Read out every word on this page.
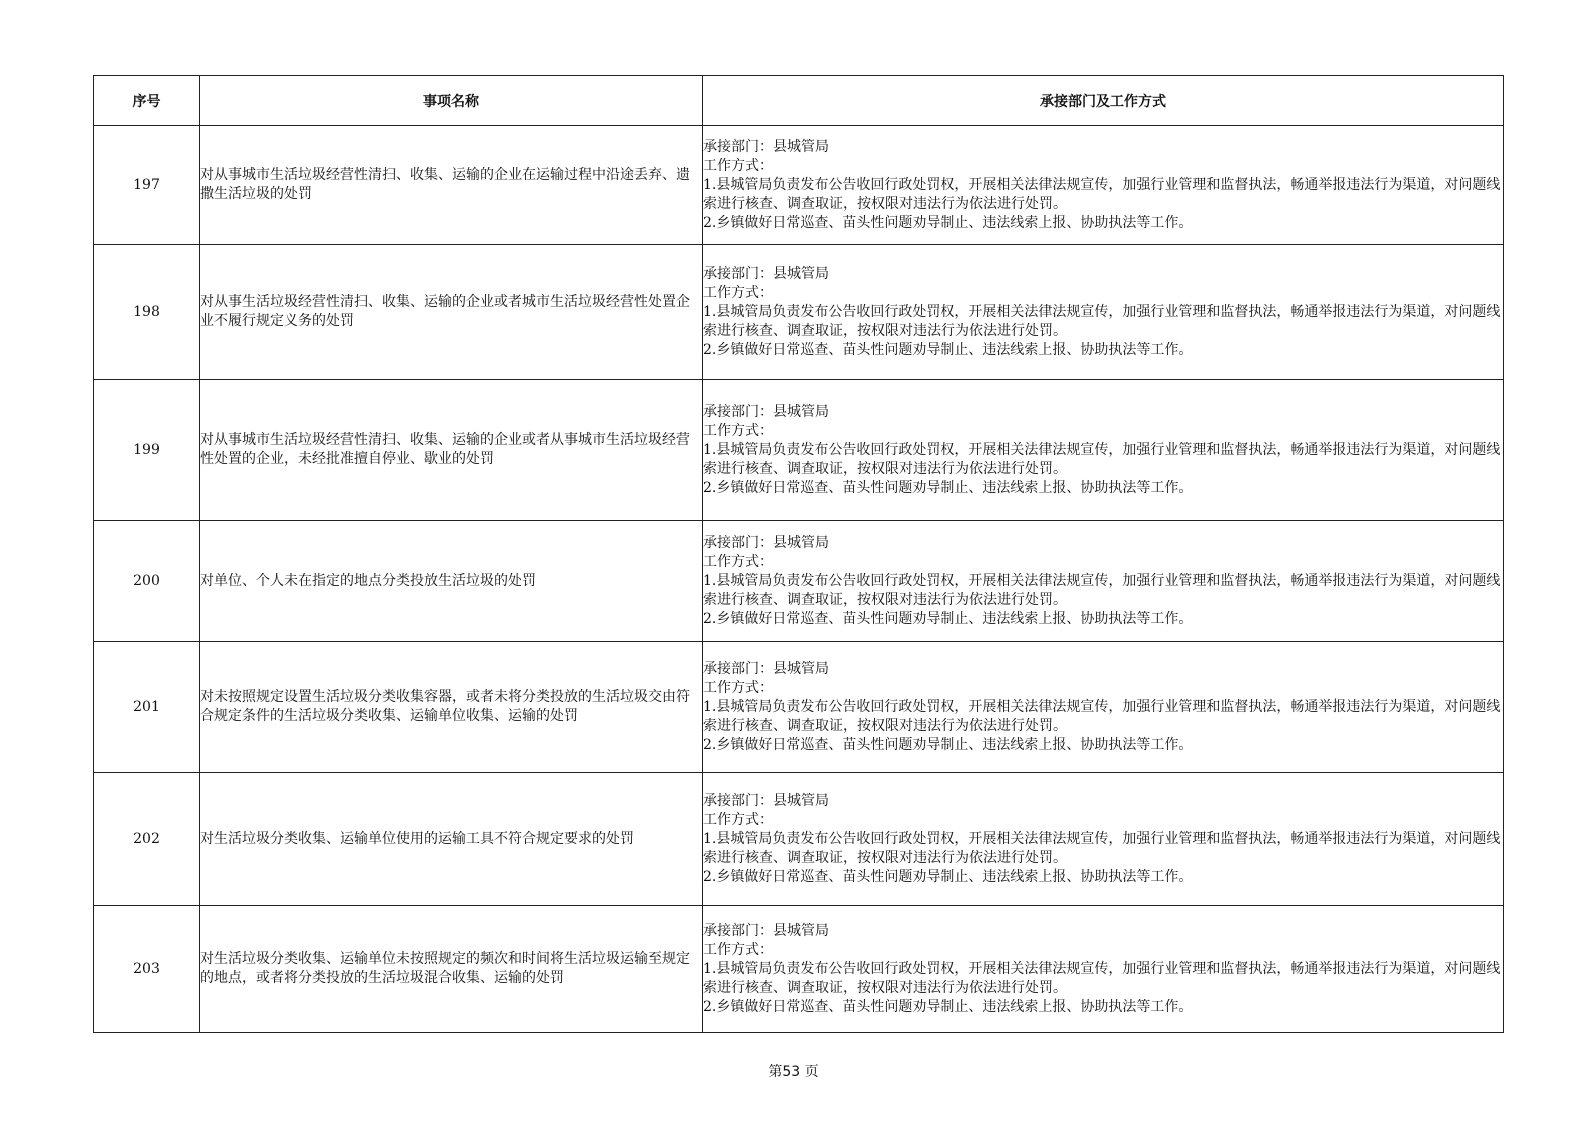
序号	事项名称	承接部门及工作方式
197	对从事城市生活垃圾经营性清扫、收集、运输的企业在运输过程中沿途丢弃、遗撒生活垃圾的处罚	承接部门：县城管局
工作方式：
1.县城管局负责发布公告收回行政处罚权，开展相关法律法规宣传，加强行业管理和监督执法，畅通举报违法行为渠道，对问题线索进行核查、调查取证，按权限对违法行为依法进行处罚。
2.乡镇做好日常巡查、苗头性问题劝导制止、违法线索上报、协助执法等工作。

198	对从事生活垃圾经营性清扫、收集、运输的企业或者城市生活垃圾经营性处置企业不履行规定义务的处罚	承接部门：县城管局
工作方式：
1.县城管局负责发布公告收回行政处罚权，开展相关法律法规宣传，加强行业管理和监督执法，畅通举报违法行为渠道，对问题线索进行核查、调查取证，按权限对违法行为依法进行处罚。
2.乡镇做好日常巡查、苗头性问题劝导制止、违法线索上报、协助执法等工作。

199	对从事城市生活垃圾经营性清扫、收集、运输的企业或者从事城市生活垃圾经营性处置的企业，未经批准擅自停业、歇业的处罚	承接部门：县城管局
工作方式：
1.县城管局负责发布公告收回行政处罚权，开展相关法律法规宣传，加强行业管理和监督执法，畅通举报违法行为渠道，对问题线索进行核查、调查取证，按权限对违法行为依法进行处罚。
2.乡镇做好日常巡查、苗头性问题劝导制止、违法线索上报、协助执法等工作。

200	对单位、个人未在指定的地点分类投放生活垃圾的处罚	承接部门：县城管局
工作方式：
1.县城管局负责发布公告收回行政处罚权，开展相关法律法规宣传，加强行业管理和监督执法，畅通举报违法行为渠道，对问题线索进行核查、调查取证，按权限对违法行为依法进行处罚。
2.乡镇做好日常巡查、苗头性问题劝导制止、违法线索上报、协助执法等工作。

201	对未按照规定设置生活垃圾分类收集容器，或者未将分类投放的生活垃圾交由符合规定条件的生活垃圾分类收集、运输单位收集、运输的处罚	承接部门：县城管局
工作方式：
1.县城管局负责发布公告收回行政处罚权，开展相关法律法规宣传，加强行业管理和监督执法，畅通举报违法行为渠道，对问题线索进行核查、调查取证，按权限对违法行为依法进行处罚。
2.乡镇做好日常巡查、苗头性问题劝导制止、违法线索上报、协助执法等工作。

202	对生活垃圾分类收集、运输单位使用的运输工具不符合规定要求的处罚	承接部门：县城管局
工作方式：
1.县城管局负责发布公告收回行政处罚权，开展相关法律法规宣传，加强行业管理和监督执法，畅通举报违法行为渠道，对问题线索进行核查、调查取证，按权限对违法行为依法进行处罚。
2.乡镇做好日常巡查、苗头性问题劝导制止、违法线索上报、协助执法等工作。

203	对生活垃圾分类收集、运输单位未按照规定的频次和时间将生活垃圾运输至规定的地点，或者将分类投放的生活垃圾混合收集、运输的处罚	承接部门：县城管局
工作方式：
1.县城管局负责发布公告收回行政处罚权，开展相关法律法规宣传，加强行业管理和监督执法，畅通举报违法行为渠道，对问题线索进行核查、调查取证，按权限对违法行为依法进行处罚。
2.乡镇做好日常巡查、苗头性问题劝导制止、违法线索上报、协助执法等工作。
第53 页
